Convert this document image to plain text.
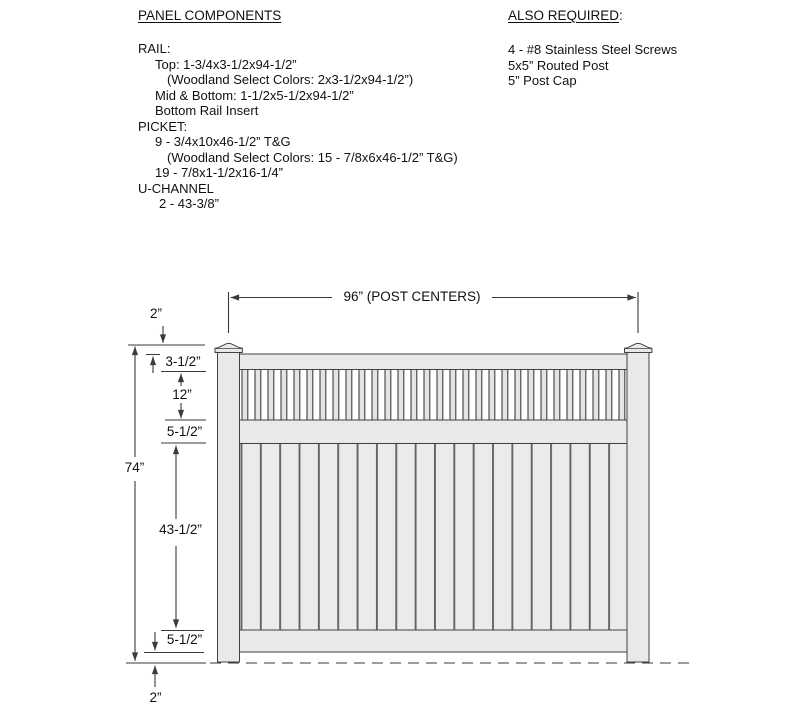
PANEL COMPONENTS
RAIL:
Top: 1-3/4x3-1/2x94-1/2”
(Woodland Select Colors: 2x3-1/2x94-1/2”)
Mid & Bottom: 1-1/2x5-1/2x94-1/2”
Bottom Rail Insert
PICKET:
9 - 3/4x10x46-1/2” T&G
(Woodland Select Colors: 15 - 7/8x6x46-1/2” T&G)
19 - 7/8x1-1/2x16-1/4”
U-CHANNEL
2 - 43-3/8”
ALSO REQUIRED:
4 - #8 Stainless Steel Screws
5x5” Routed Post
5” Post Cap
96” (POST CENTERS)
2”
3-1/2”
12”
5-1/2”
74”
43-1/2”
5-1/2”
2”
